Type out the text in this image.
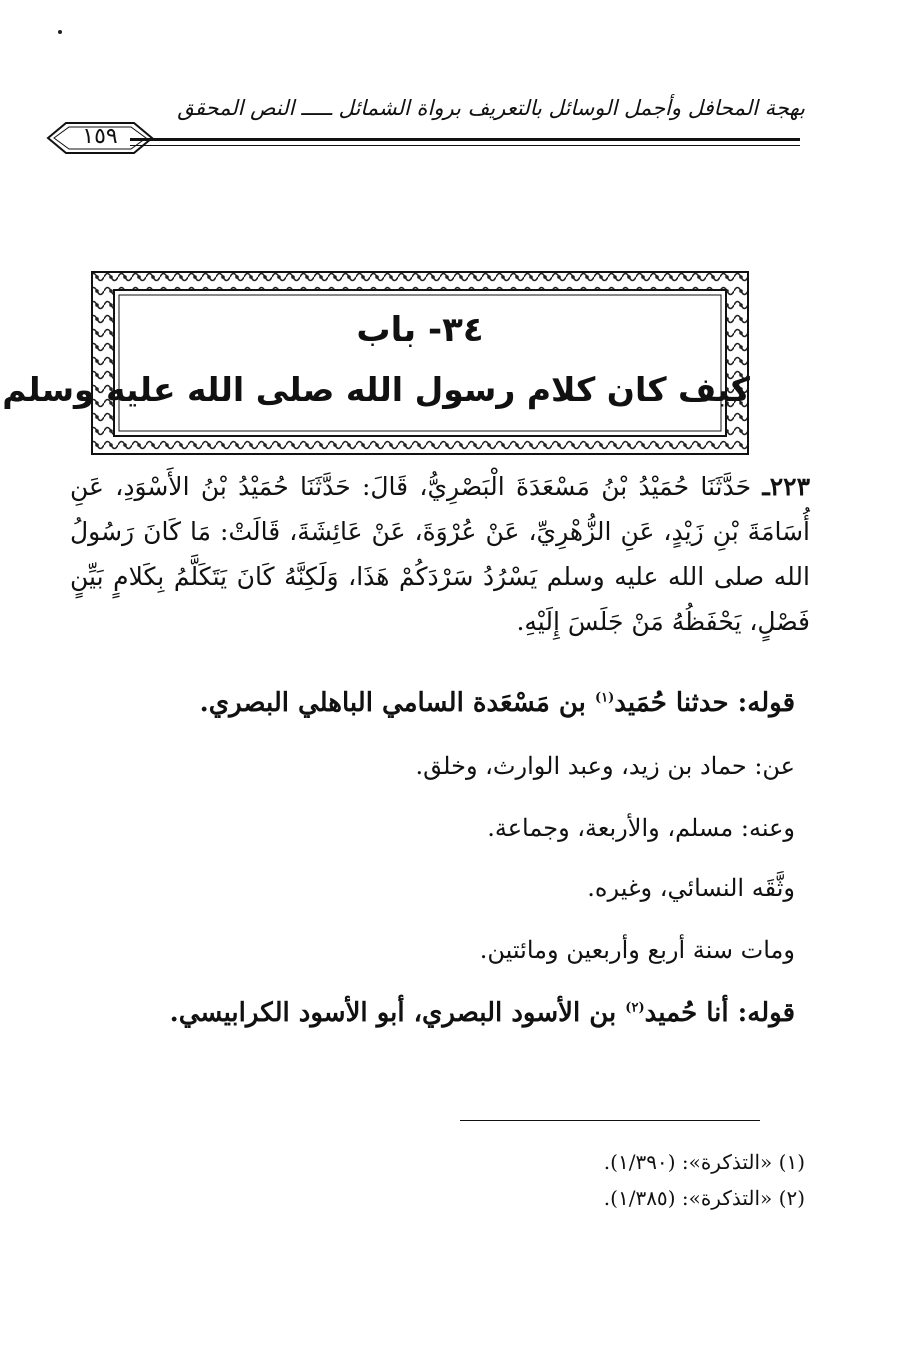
بهجة المحافل وأجمل الوسائل بالتعريف برواة الشمائل ـــــ النص المحقق
١٥٩
٣٤- باب
كيف كان كلام رسول الله صلى الله عليه وسلم
٢٢٣ـ حَدَّثَنَا حُمَيْدُ بْنُ مَسْعَدَةَ الْبَصْرِيُّ، قَالَ: حَدَّثَنَا حُمَيْدُ بْنُ الأَسْوَدِ، عَنِ أُسَامَةَ بْنِ زَيْدٍ، عَنِ الزُّهْرِيِّ، عَنْ عُرْوَةَ، عَنْ عَائِشَةَ، قَالَتْ: مَا كَانَ رَسُولُ الله صلى الله عليه وسلم يَسْرُدُ سَرْدَكُمْ هَذَا، وَلَكِنَّهُ كَانَ يَتَكَلَّمُ بِكَلامٍ بَيِّنٍ فَصْلٍ، يَحْفَظُهُ مَنْ جَلَسَ إِلَيْهِ.
قوله: حدثنا حُمَيد$^{(١)}$ بن مَسْعَدة السامي الباهلي البصري.
عن: حماد بن زيد، وعبد الوارث، وخلق.
وعنه: مسلم، والأربعة، وجماعة.
وثَّقَه النسائي، وغيره.
ومات سنة أربع وأربعين ومائتين.
قوله: أنا حُميد$^{(٢)}$ بن الأسود البصري، أبو الأسود الكرابيسي.
(١) «التذكرة»: (١/٣٩٠).
(٢) «التذكرة»: (١/٣٨٥).
